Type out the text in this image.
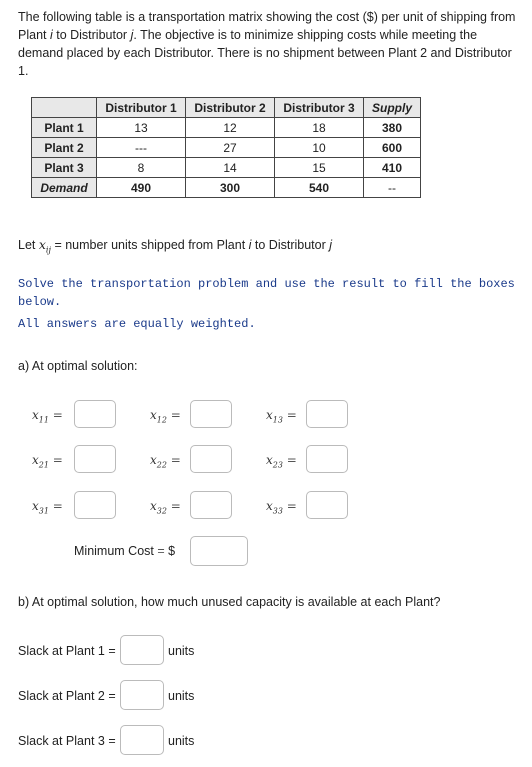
The following table is a transportation matrix showing the cost ($) per unit of shipping from Plant i to Distributor j. The objective is to minimize shipping costs while meeting the demand placed by each Distributor. There is no shipment between Plant 2 and Distributor 1.
	Distributor 1	Distributor 2	Distributor 3	Supply
Plant 1	13	12	18	380
Plant 2	---	27	10	600
Plant 3	8	14	15	410
Demand	490	300	540	--
Let $x_{ij}$ = number units shipped from Plant i to Distributor j
Solve the transportation problem and use the result to fill the boxes below.
All answers are equally weighted.
a) At optimal solution:
$x_{11}$ =	$x_{12}$ =	$x_{13}$ =
$x_{21}$ =	$x_{22}$ =	$x_{23}$ =
$x_{31}$ =	$x_{32}$ =	$x_{33}$ =
Minimum Cost = $
b) At optimal solution, how much unused capacity is available at each Plant?
Slack at Plant 1 =	units
Slack at Plant 2 =	units
Slack at Plant 3 =	units
